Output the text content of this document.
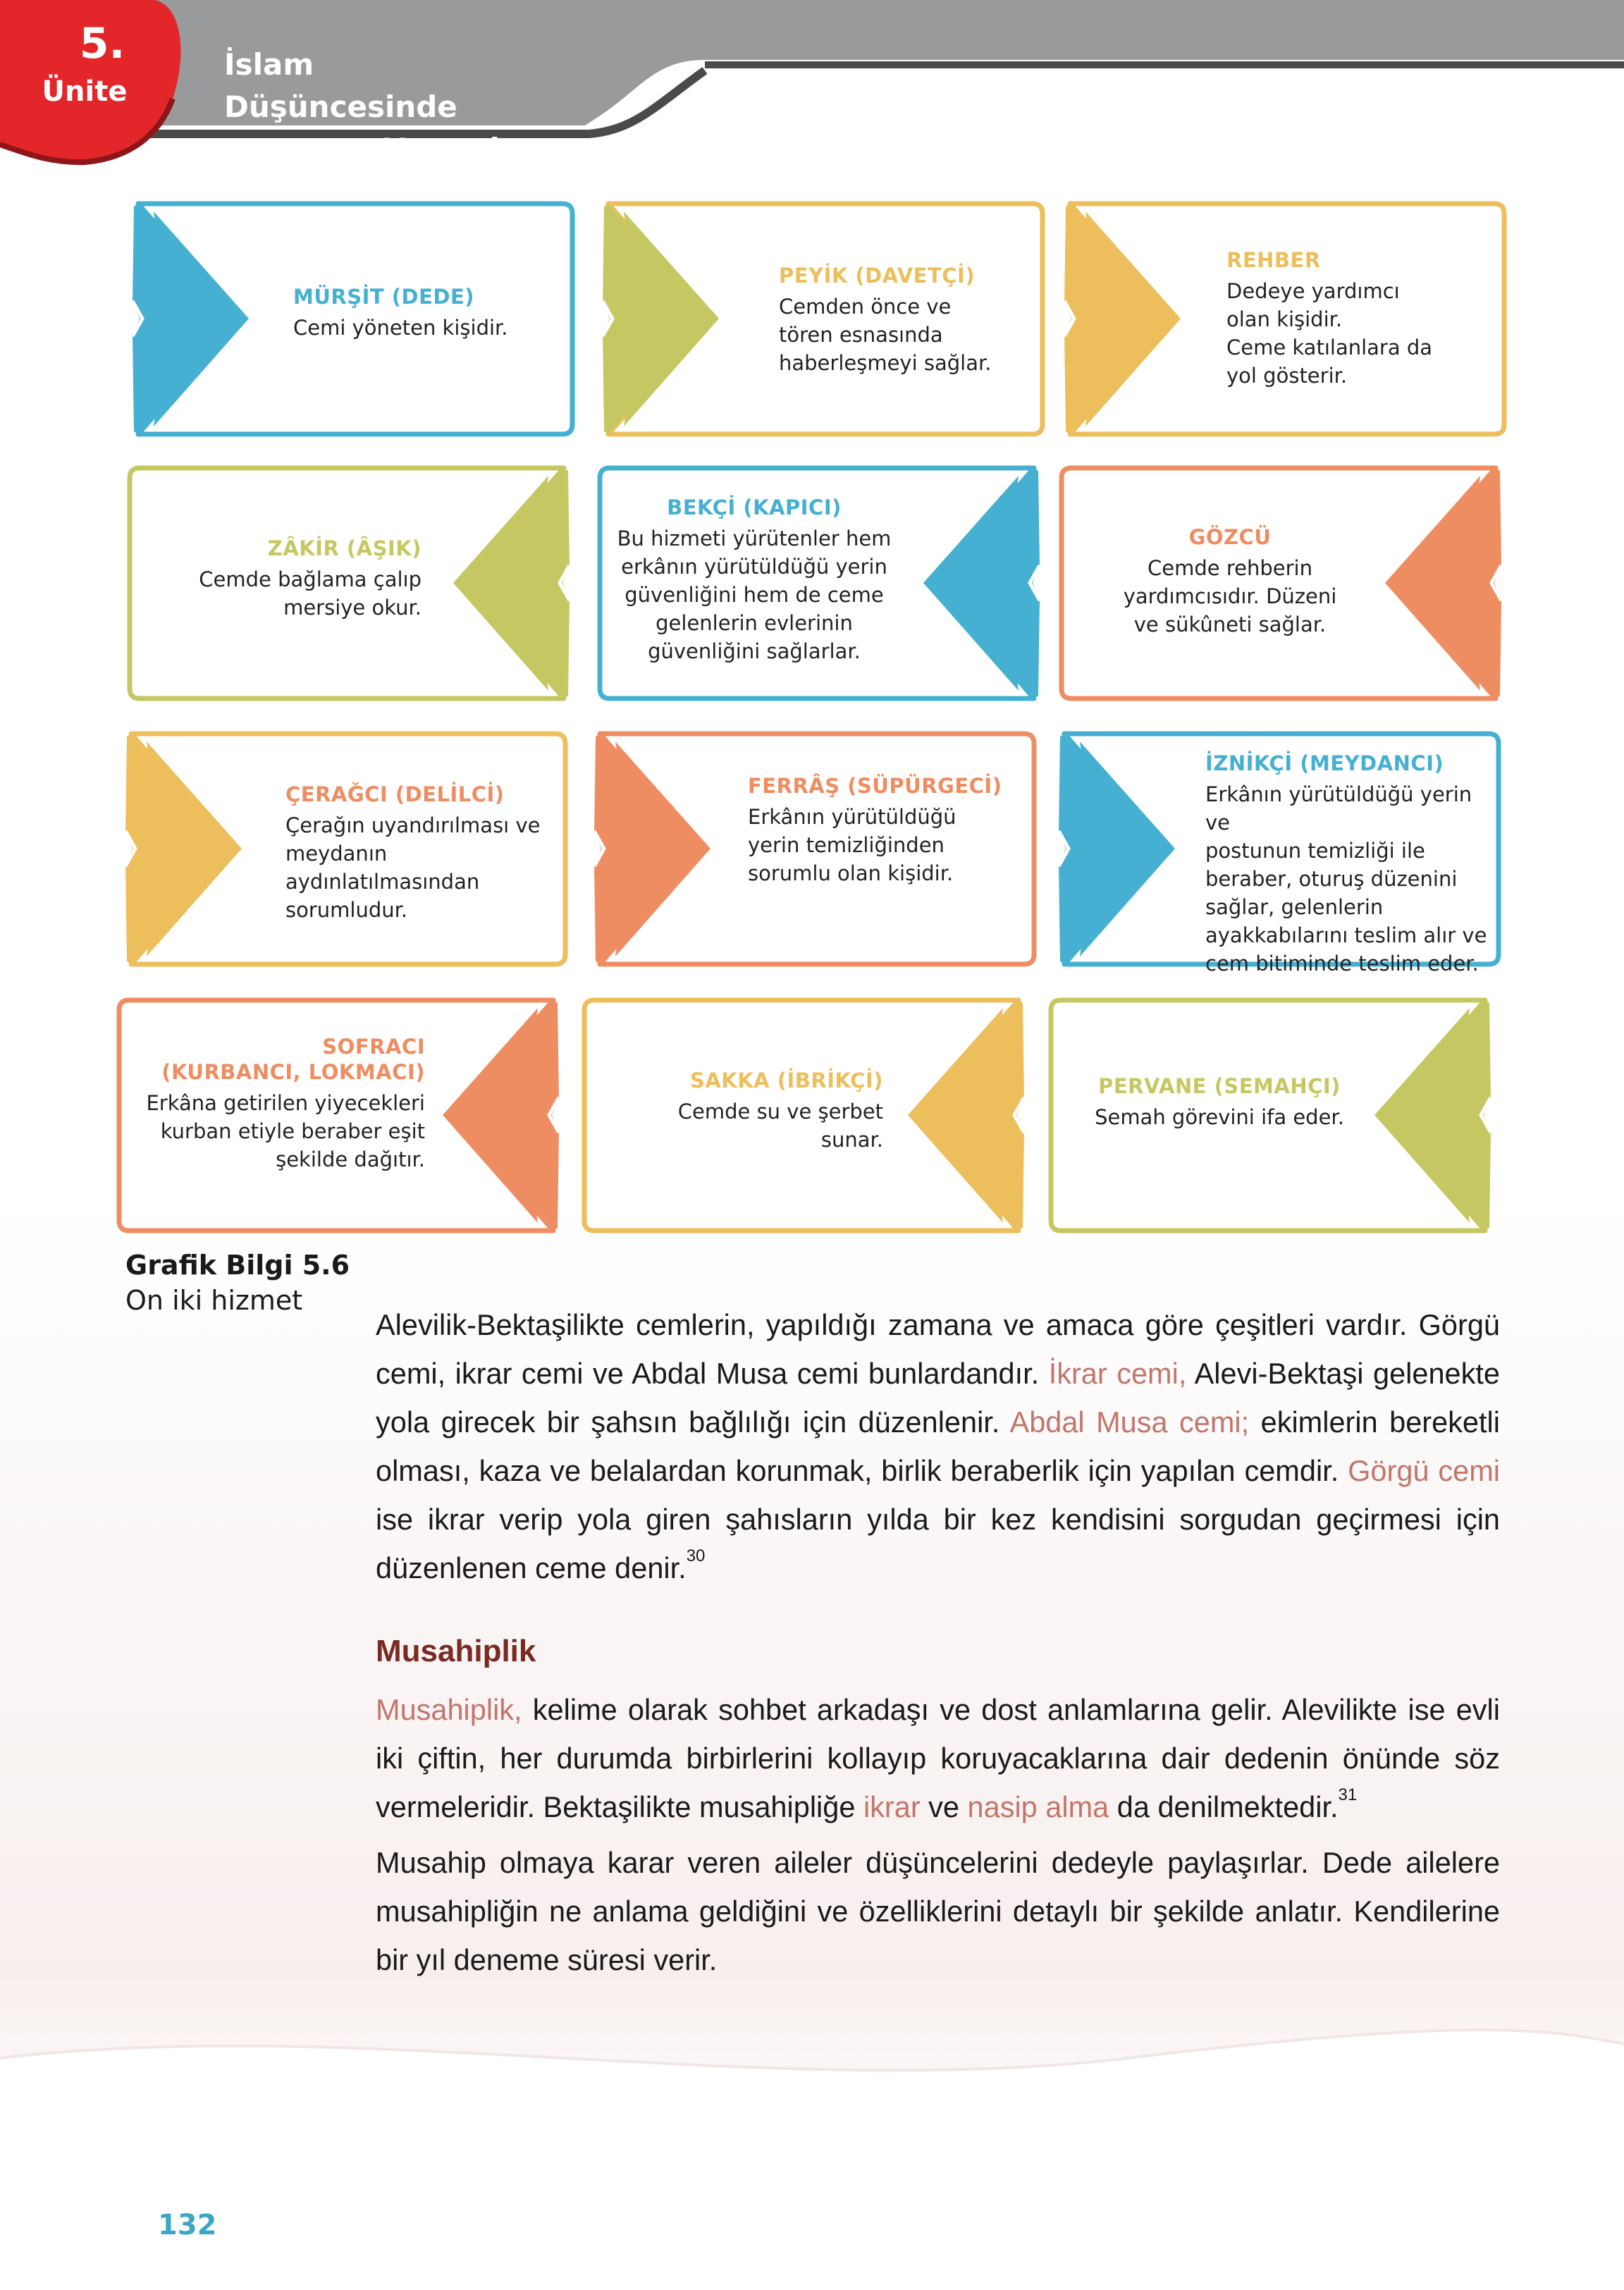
5.
Ünite
İslam Düşüncesinde
Yorumlar
MÜRŞİT (DEDE)
Cemi yöneten kişidir.
PEYİK (DAVETÇİ)
Cemden önce ve
tören esnasında
haberleşmeyi sağlar.
REHBER
Dedeye yardımcı
olan kişidir.
Ceme katılanlara da
yol gösterir.
ZÂKİR (ÂŞIK)
Cemde bağlama çalıp
mersiye okur.
BEKÇİ (KAPICI)
Bu hizmeti yürütenler hem
erkânın yürütüldüğü yerin
güvenliğini hem de ceme
gelenlerin evlerinin
güvenliğini sağlarlar.
GÖZCÜ
Cemde rehberin
yardımcısıdır. Düzeni
ve sükûneti sağlar.
ÇERAĞCI (DELİLCİ)
Çerağın uyandırılması ve
meydanın aydınlatılmasından
sorumludur.
FERRÂŞ (SÜPÜRGECİ)
Erkânın yürütüldüğü
yerin temizliğinden
sorumlu olan kişidir.
İZNİKÇİ (MEYDANCI)
Erkânın yürütüldüğü yerin ve
postunun temizliği ile
beraber, oturuş düzenini
sağlar, gelenlerin
ayakkabılarını teslim alır ve
cem bitiminde teslim eder.
SOFRACI
(KURBANCI, LOKMACI)
Erkâna getirilen yiyecekleri
kurban etiyle beraber eşit
şekilde dağıtır.
SAKKA (İBRİKÇİ)
Cemde su ve şerbet
sunar.
PERVANE (SEMAHÇI)
Semah görevini ifa eder.
Grafik Bilgi 5.6
On iki hizmet

Alevilik-Bektaşilikte cemlerin, yapıldığı zamana ve amaca göre çeşitleri vardır. Görgü cemi, ikrar cemi ve Abdal Musa cemi bunlardandır. İkrar cemi, Alevi-Bektaşi gelenekte yola girecek bir şahsın bağlılığı için düzenlenir. Abdal Musa cemi; ekimlerin bereketli olması, kaza ve belalardan korunmak, birlik beraberlik için yapılan cemdir. Görgü cemi ise ikrar verip yola giren şahısların yılda bir kez kendisini sorgudan geçirmesi için düzenlenen ceme denir.$^{30}$

Musahiplik

Musahiplik, kelime olarak sohbet arkadaşı ve dost anlamlarına gelir. Alevilikte ise evli iki çiftin, her durumda birbirlerini kollayıp koruyacaklarına dair dedenin önünde söz vermeleridir. Bektaşilikte musahipliğe ikrar ve nasip alma da denilmektedir.$^{31}$

Musahip olmaya karar veren aileler düşüncelerini dedeyle paylaşırlar. Dede ailelere musahipliğin ne anlama geldiğini ve özelliklerini detaylı bir şekilde anlatır. Kendilerine bir yıl deneme süresi verir.

132
